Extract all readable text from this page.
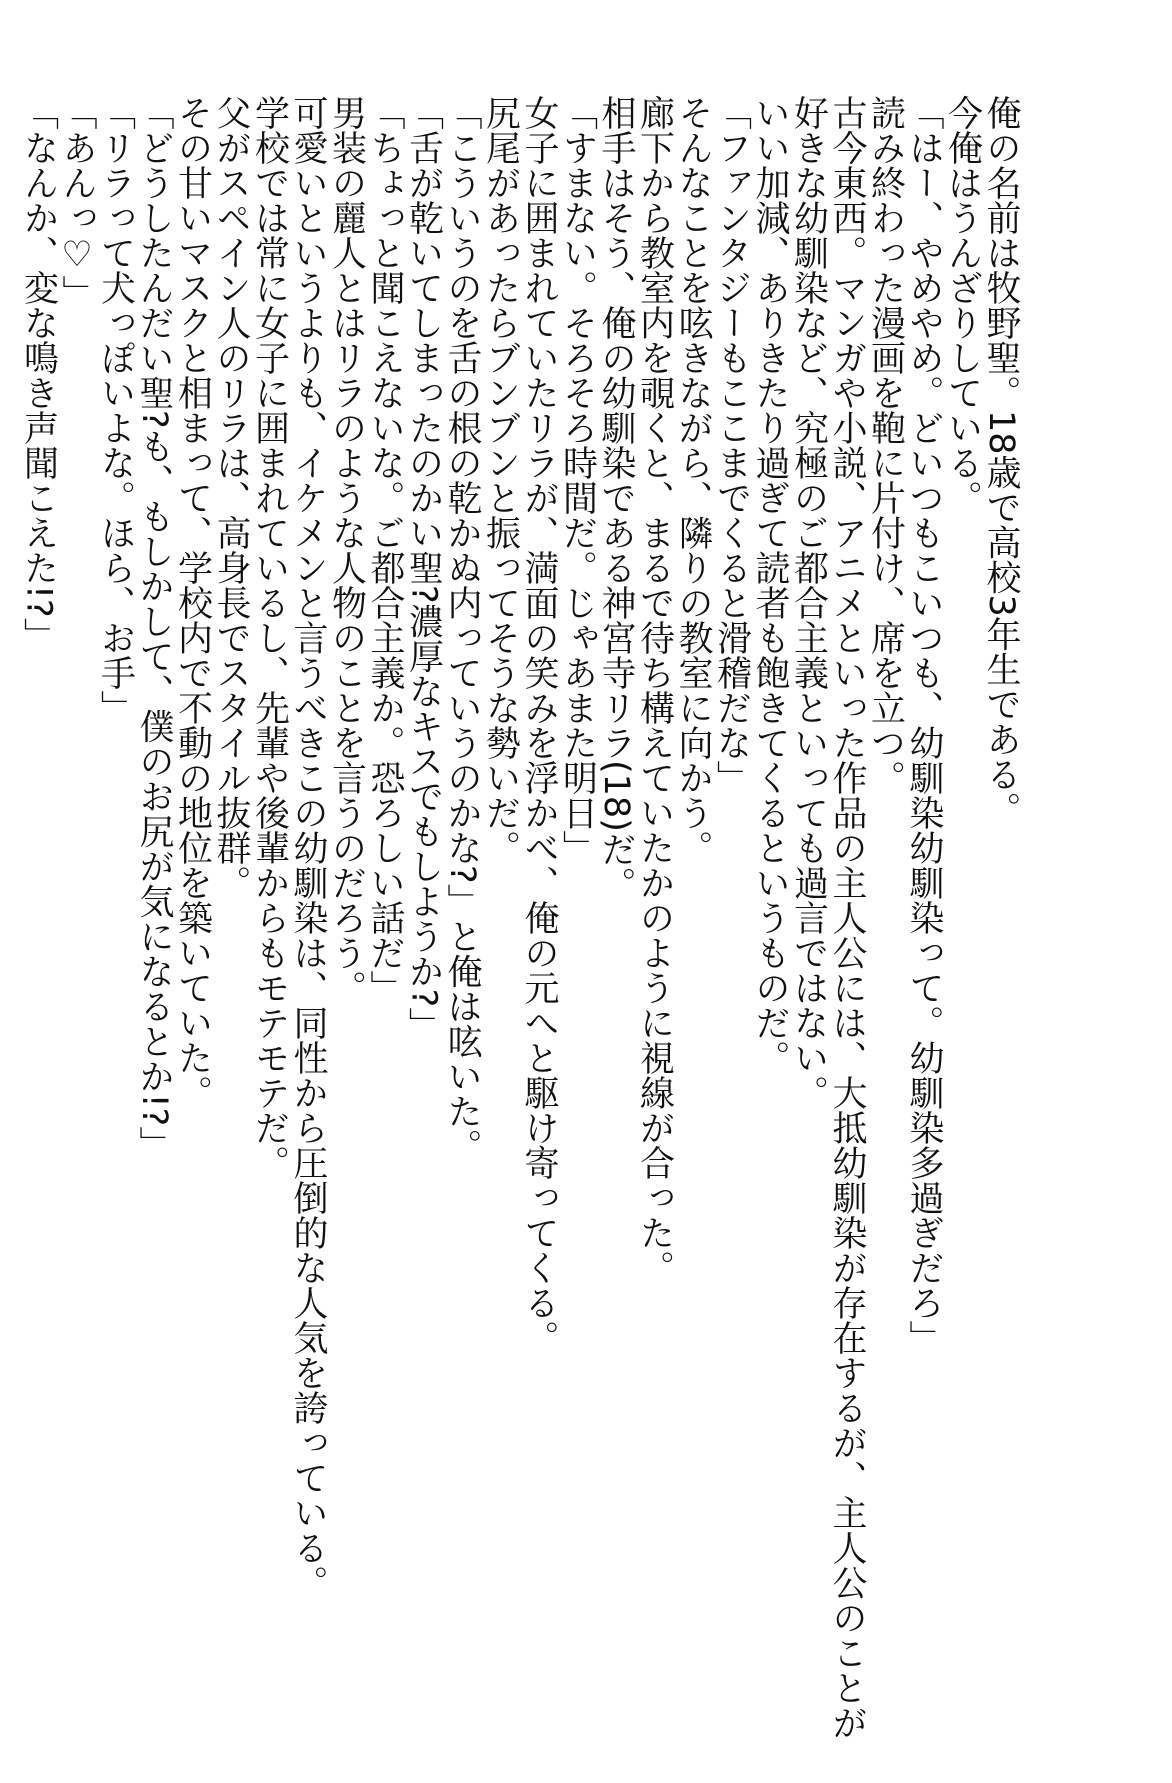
俺の名前は牧野聖。18歳で高校3年生である。
今俺はうんざりしている。
「はー、やめやめ。どいつもこいつも、幼馴染幼馴染って。幼馴染多過ぎだろ」
読み終わった漫画を鞄に片付け、席を立つ。
古今東西。マンガや小説、アニメといった作品の主人公には、大抵幼馴染が存在するが、主人公のことが
好きな幼馴染など、究極のご都合主義といっても過言ではない。
いい加減、ありきたり過ぎて読者も飽きてくるというものだ。
「ファンタジーもここまでくると滑稽だな」
そんなことを呟きながら、隣りの教室に向かう。
廊下から教室内を覗くと、まるで待ち構えていたかのように視線が合った。
相手はそう、俺の幼馴染である神宮寺リラ(18)だ。
「すまない。そろそろ時間だ。じゃあまた明日」
女子に囲まれていたリラが、満面の笑みを浮かべ、俺の元へと駆け寄ってくる。
尻尾があったらブンブンと振ってそうな勢いだ。
「こういうのを舌の根の乾かぬ内っていうのかな?」と俺は呟いた。
「舌が乾いてしまったのかい聖?濃厚なキスでもしようか?」
「ちょっと聞こえないな。ご都合主義か。恐ろしい話だ」
男装の麗人とはリラのような人物のことを言うのだろう。
可愛いというよりも、イケメンと言うべきこの幼馴染は、同性から圧倒的な人気を誇っている。
学校では常に女子に囲まれているし、先輩や後輩からもモテモテだ。
父がスペイン人のリラは、高身長でスタイル抜群。
その甘いマスクと相まって、学校内で不動の地位を築いていた。
「どうしたんだい聖?も、もしかして、僕のお尻が気になるとか!?」
「リラって犬っぽいよな。ほら、お手」
「あんっ♡」
「なんか、変な鳴き声聞こえた!?」
